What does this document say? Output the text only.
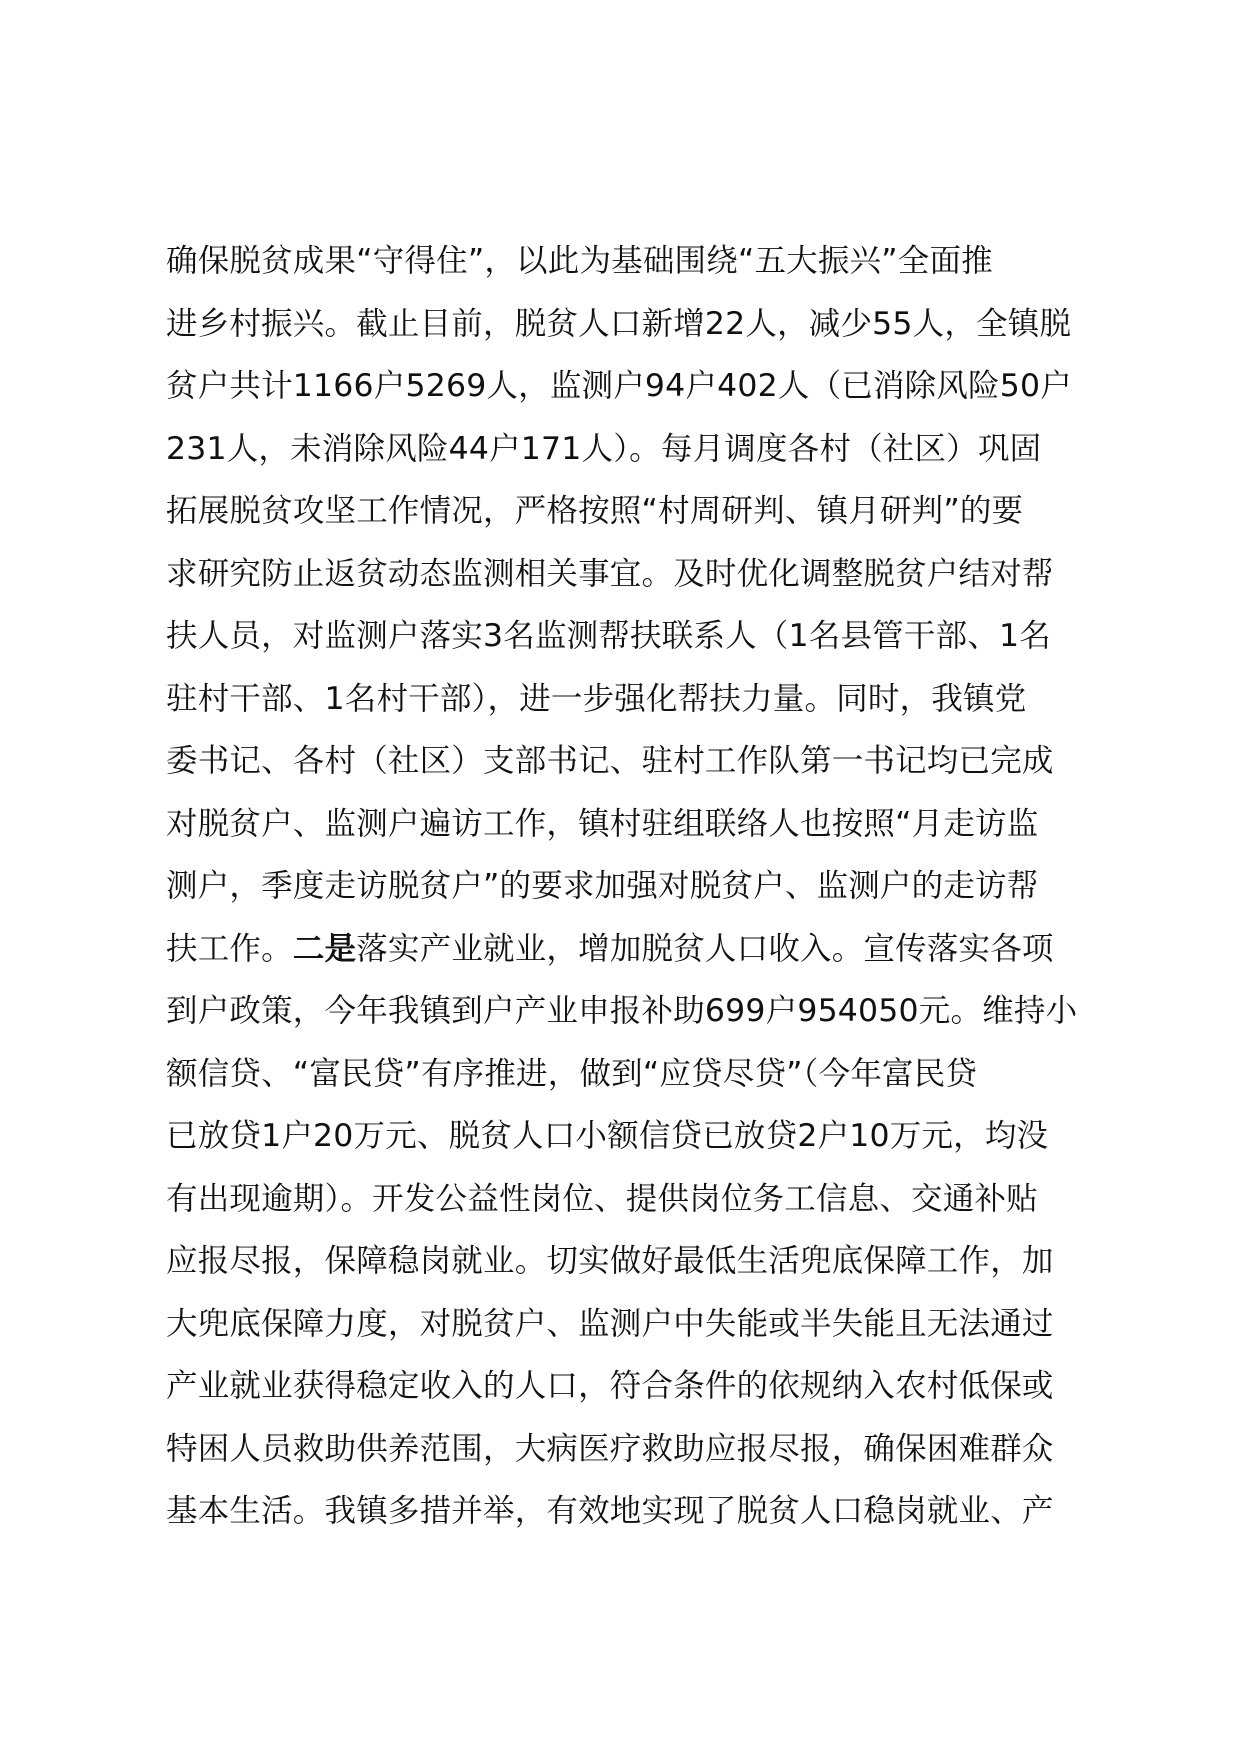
确保脱贫成果“守得住”，以此为基础围绕“五大振兴”全面推
进乡村振兴。截止目前，脱贫人口新增22人，减少55人，全镇脱
贫户共计1166户5269人，监测户94户402人（已消除风险50户
231人，未消除风险44户171人）。每月调度各村（社区）巩固
拓展脱贫攻坚工作情况，严格按照“村周研判、镇月研判”的要
求研究防止返贫动态监测相关事宜。及时优化调整脱贫户结对帮
扶人员，对监测户落实3名监测帮扶联系人（1名县管干部、1名
驻村干部、1名村干部），进一步强化帮扶力量。同时，我镇党
委书记、各村（社区）支部书记、驻村工作队第一书记均已完成
对脱贫户、监测户遍访工作，镇村驻组联络人也按照“月走访监
测户，季度走访脱贫户”的要求加强对脱贫户、监测户的走访帮
扶工作。二是落实产业就业，增加脱贫人口收入。宣传落实各项
到户政策，今年我镇到户产业申报补助699户954050元。维持小
额信贷、“富民贷”有序推进，做到“应贷尽贷”（今年富民贷
已放贷1户20万元、脱贫人口小额信贷已放贷2户10万元，均没
有出现逾期）。开发公益性岗位、提供岗位务工信息、交通补贴
应报尽报，保障稳岗就业。切实做好最低生活兜底保障工作，加
大兜底保障力度，对脱贫户、监测户中失能或半失能且无法通过
产业就业获得稳定收入的人口，符合条件的依规纳入农村低保或
特困人员救助供养范围，大病医疗救助应报尽报，确保困难群众
基本生活。我镇多措并举，有效地实现了脱贫人口稳岗就业、产
